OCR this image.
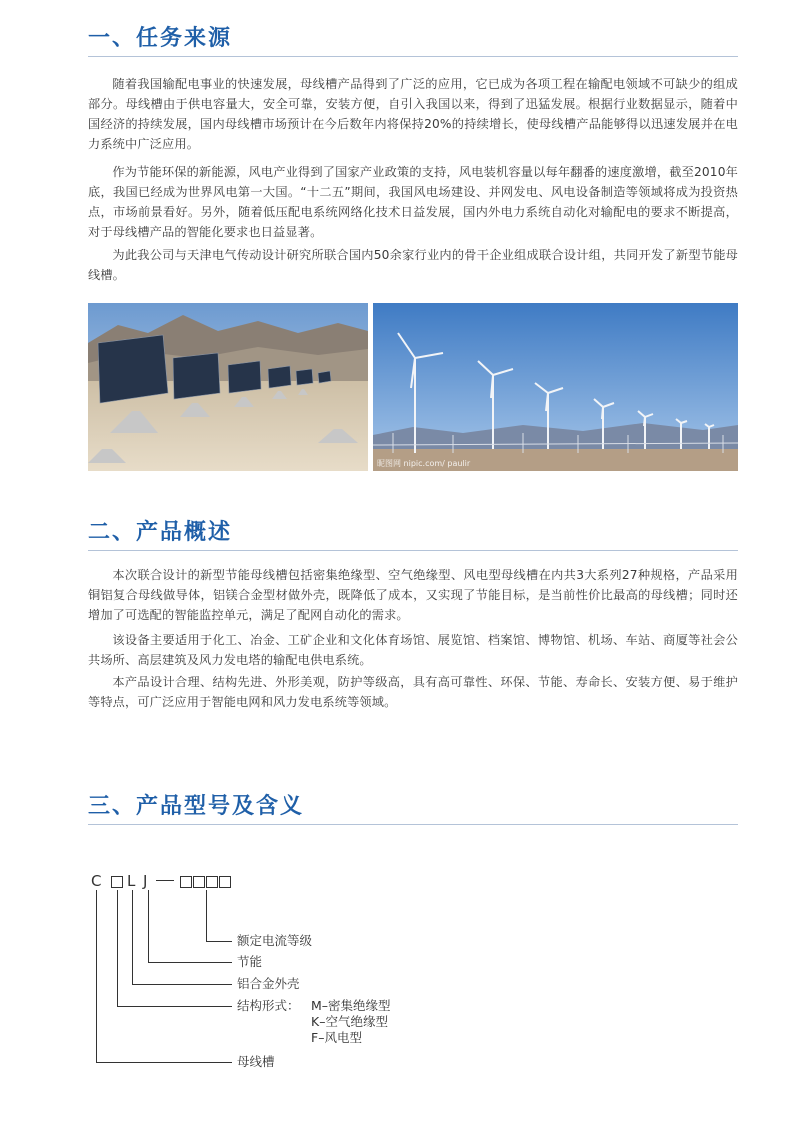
一、任务来源

随着我国输配电事业的快速发展，母线槽产品得到了广泛的应用，它已成为各项工程在输配电领域不可缺少的组成部分。母线槽由于供电容量大，安全可靠，安装方便，自引入我国以来，得到了迅猛发展。根据行业数据显示，随着中国经济的持续发展，国内母线槽市场预计在今后数年内将保持20%的持续增长，使母线槽产品能够得以迅速发展并在电力系统中广泛应用。

作为节能环保的新能源，风电产业得到了国家产业政策的支持，风电装机容量以每年翻番的速度激增，截至2010年底，我国已经成为世界风电第一大国。“十二五”期间，我国风电场建设、并网发电、风电设备制造等领域将成为投资热点，市场前景看好。另外，随着低压配电系统网络化技术日益发展，国内外电力系统自动化对输配电的要求不断提高，对于母线槽产品的智能化要求也日益显著。

为此我公司与天津电气传动设计研究所联合国内50余家行业内的骨干企业组成联合设计组，共同开发了新型节能母线槽。

昵图网 nipic.com/ paulir
二、产品概述

本次联合设计的新型节能母线槽包括密集绝缘型、空气绝缘型、风电型母线槽在内共3大系列27种规格，产品采用铜铝复合母线做导体，铝镁合金型材做外壳，既降低了成本，又实现了节能目标，是当前性价比最高的母线槽；同时还增加了可选配的智能监控单元，满足了配网自动化的需求。

该设备主要适用于化工、冶金、工矿企业和文化体育场馆、展览馆、档案馆、博物馆、机场、车站、商厦等社会公共场所、高层建筑及风力发电塔的输配电供电系统。

本产品设计合理、结构先进、外形美观，防护等级高，具有高可靠性、环保、节能、寿命长、安装方便、易于维护等特点，可广泛应用于智能电网和风力发电系统等领域。

三、产品型号及含义
C L J
额定电流等级
节能
铝合金外壳
结构形式： M–密集绝缘型
K–空气绝缘型
F–风电型
母线槽
